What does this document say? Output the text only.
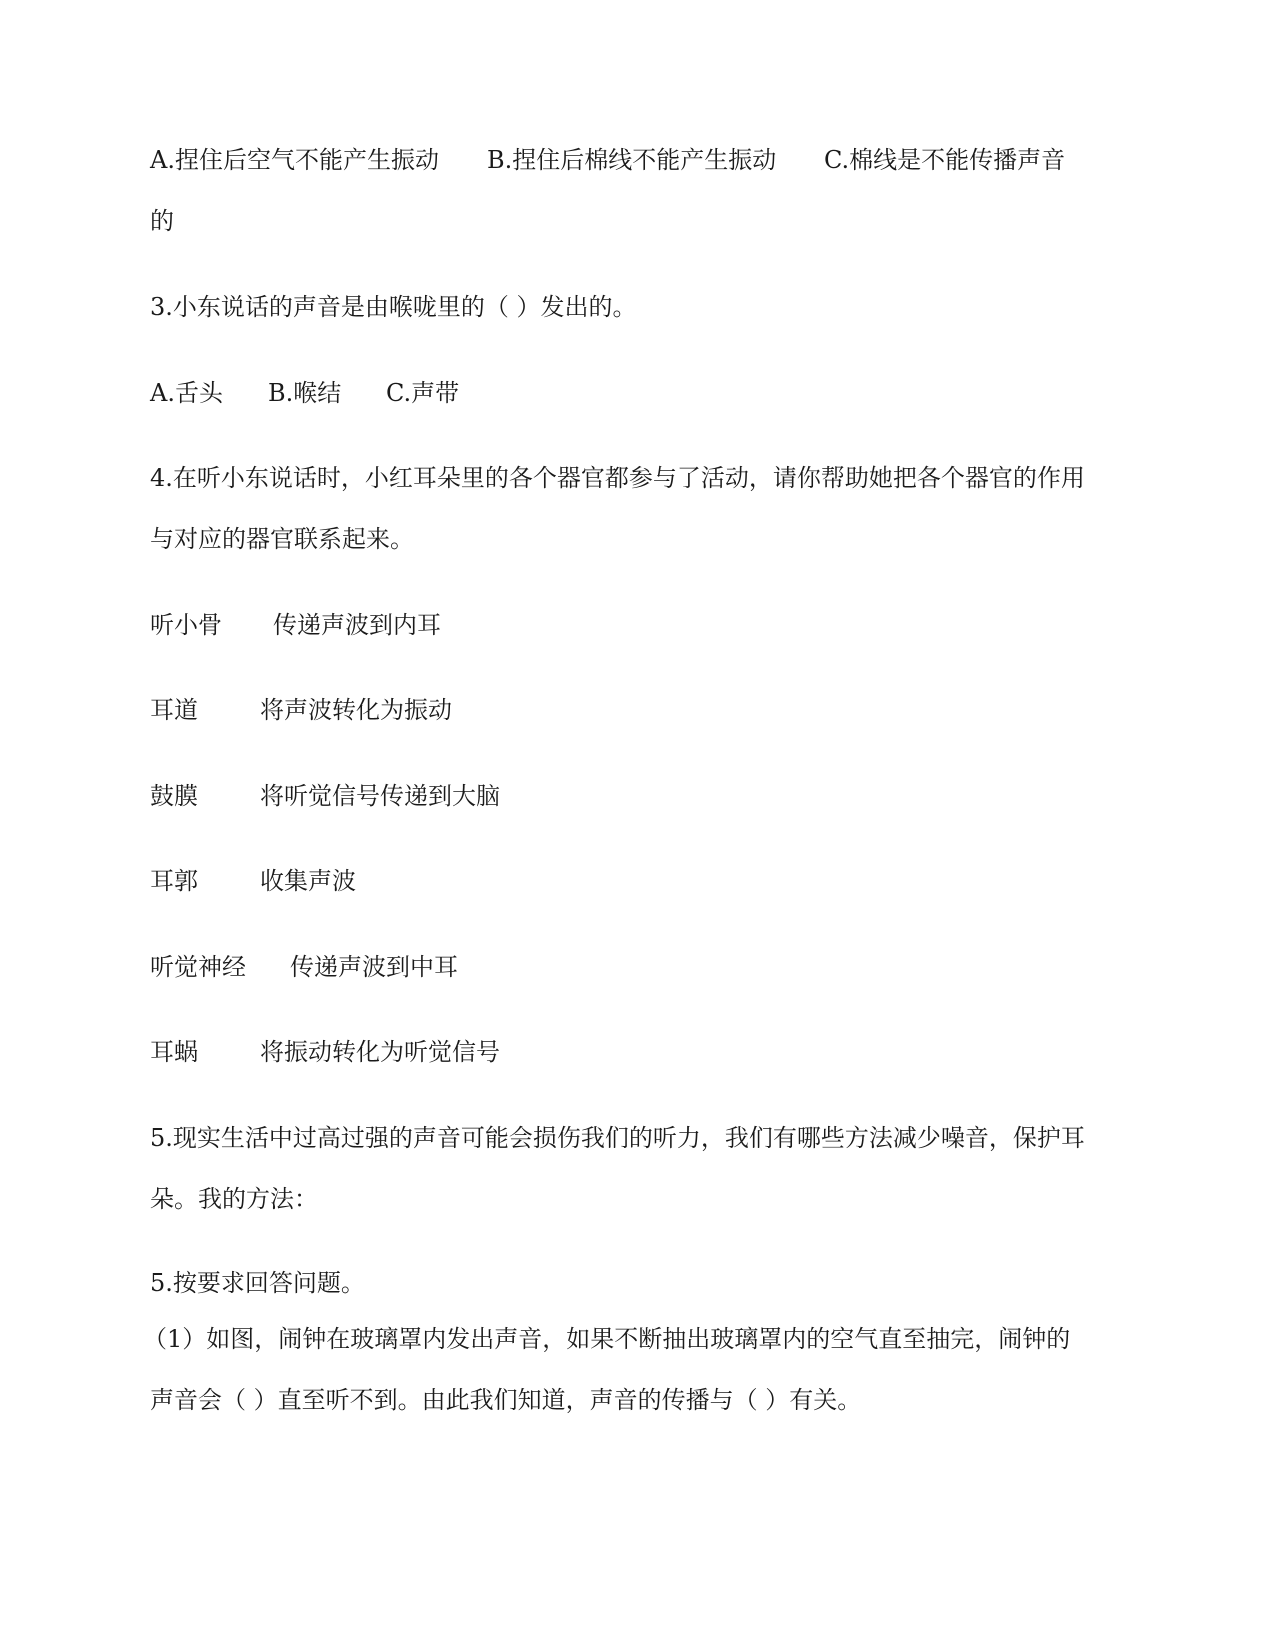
A.捏住后空气不能产生振动 B.捏住后棉线不能产生振动 C.棉线是不能传播声音
的
3.小东说话的声音是由喉咙里的（ ）发出的。
A.舌头 B.喉结 C.声带
4.在听小东说话时，小红耳朵里的各个器官都参与了活动，请你帮助她把各个器官的作用
与对应的器官联系起来。
听小骨 传递声波到内耳
耳道	将声波转化为振动
鼓膜	将听觉信号传递到大脑
耳郭	收集声波
听觉神经 传递声波到中耳
耳蜗	将振动转化为听觉信号
5.现实生活中过高过强的声音可能会损伤我们的听力，我们有哪些方法减少噪音，保护耳
朵。我的方法：
5.按要求回答问题。
（1）如图，闹钟在玻璃罩内发出声音，如果不断抽出玻璃罩内的空气直至抽完，闹钟的
声音会（ ）直至听不到。由此我们知道，声音的传播与（ ）有关。
